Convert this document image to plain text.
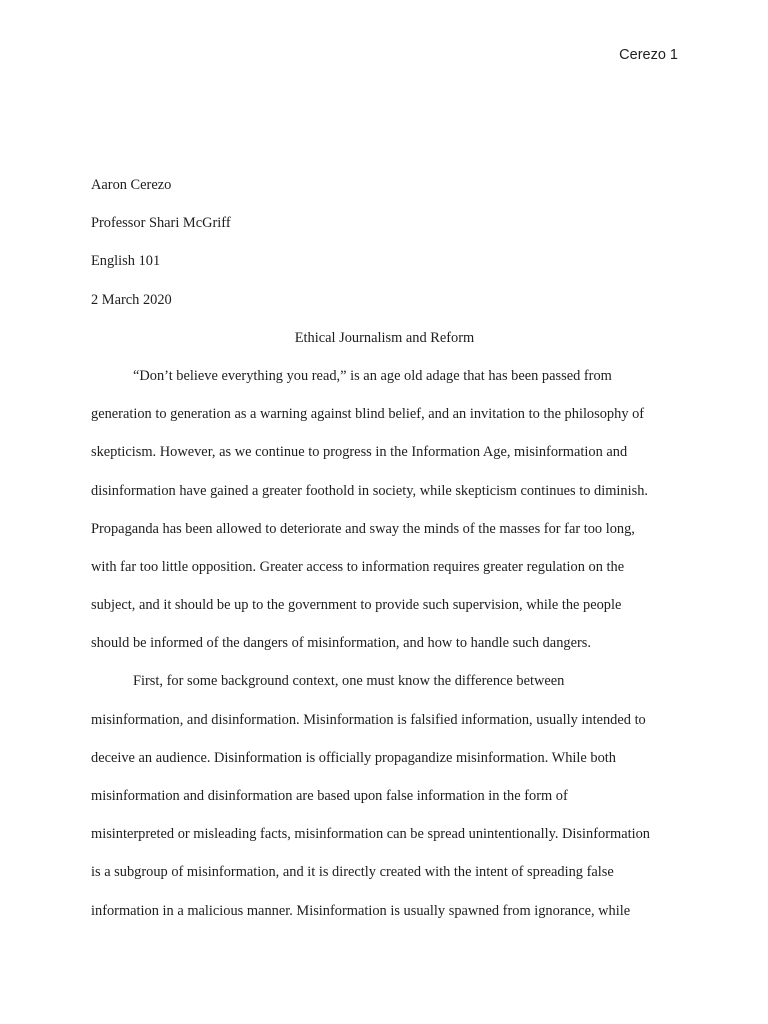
Cerezo 1
Aaron Cerezo
Professor Shari McGriff
English 101
2 March 2020
Ethical Journalism and Reform
“Don’t believe everything you read,” is an age old adage that has been passed from
generation to generation as a warning against blind belief, and an invitation to the philosophy of
skepticism. However, as we continue to progress in the Information Age, misinformation and
disinformation have gained a greater foothold in society, while skepticism continues to diminish.
Propaganda has been allowed to deteriorate and sway the minds of the masses for far too long,
with far too little opposition. Greater access to information requires greater regulation on the
subject, and it should be up to the government to provide such supervision, while the people
should be informed of the dangers of misinformation, and how to handle such dangers.
First, for some background context, one must know the difference between
misinformation, and disinformation. Misinformation is falsified information, usually intended to
deceive an audience. Disinformation is officially propagandize misinformation. While both
misinformation and disinformation are based upon false information in the form of
misinterpreted or misleading facts, misinformation can be spread unintentionally. Disinformation
is a subgroup of misinformation, and it is directly created with the intent of spreading false
information in a malicious manner. Misinformation is usually spawned from ignorance, while
